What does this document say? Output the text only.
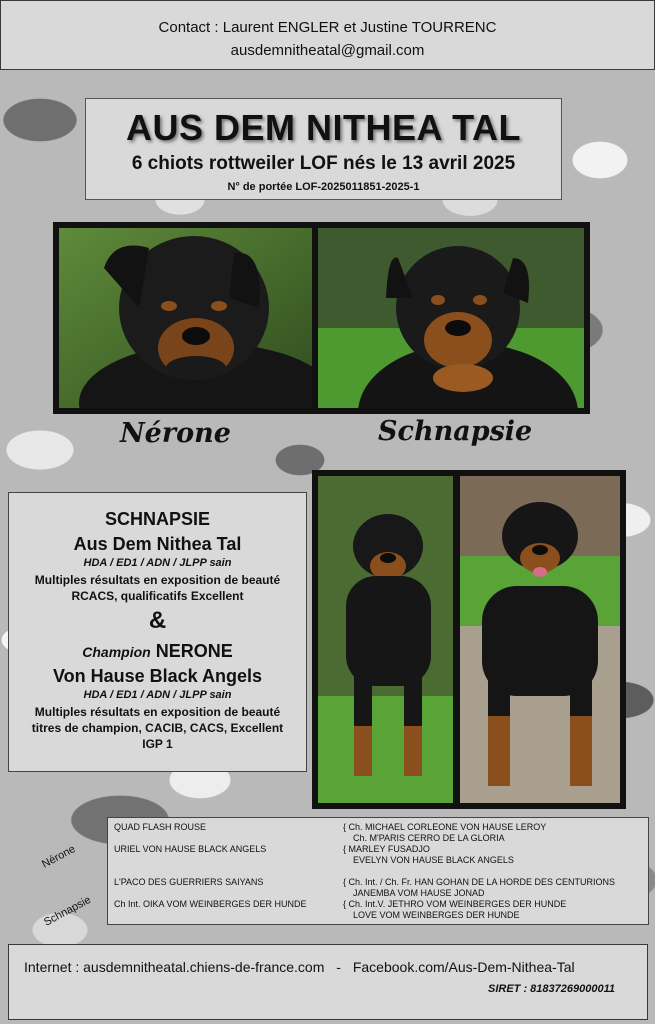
Contact : Laurent ENGLER et Justine TOURRENC
ausdemnitheatal@gmail.com
AUS DEM NITHEA TAL
6 chiots rottweiler LOF nés le 13 avril 2025
N° de portée LOF-2025011851-2025-1
Nérone	Schnapsie
SCHNAPSIE
Aus Dem Nithea Tal
HDA / ED1 / ADN / JLPP sain
Multiples résultats en exposition de beauté
RCACS, qualificatifs Excellent
&
Champion NERONE
Von Hause Black Angels
HDA / ED1 / ADN / JLPP sain
Multiples résultats en exposition de beauté
titres de champion, CACIB, CACS, Excellent
IGP 1
Nérone
Schnapsie
QUAD FLASH ROUSE	{ Ch. MICHAEL CORLEONE VON HAUSE LEROY
Ch. M'PARIS CERRO DE LA GLORIA
URIEL VON HAUSE BLACK ANGELS	{ MARLEY FUSADJO
EVELYN VON HAUSE BLACK ANGELS
L'PACO DES GUERRIERS SAIYANS	{ Ch. Int. / Ch. Fr. HAN GOHAN DE LA HORDE DES CENTURIONS
JANEMBA VOM HAUSE JONAD
Ch Int. OIKA VOM WEINBERGES DER HUNDE	{ Ch. Int.V. JETHRO VOM WEINBERGES DER HUNDE
LOVE VOM WEINBERGES DER HUNDE
Internet : ausdemnitheatal.chiens-de-france.com - Facebook.com/Aus-Dem-Nithea-Tal
SIRET : 81837269000011
